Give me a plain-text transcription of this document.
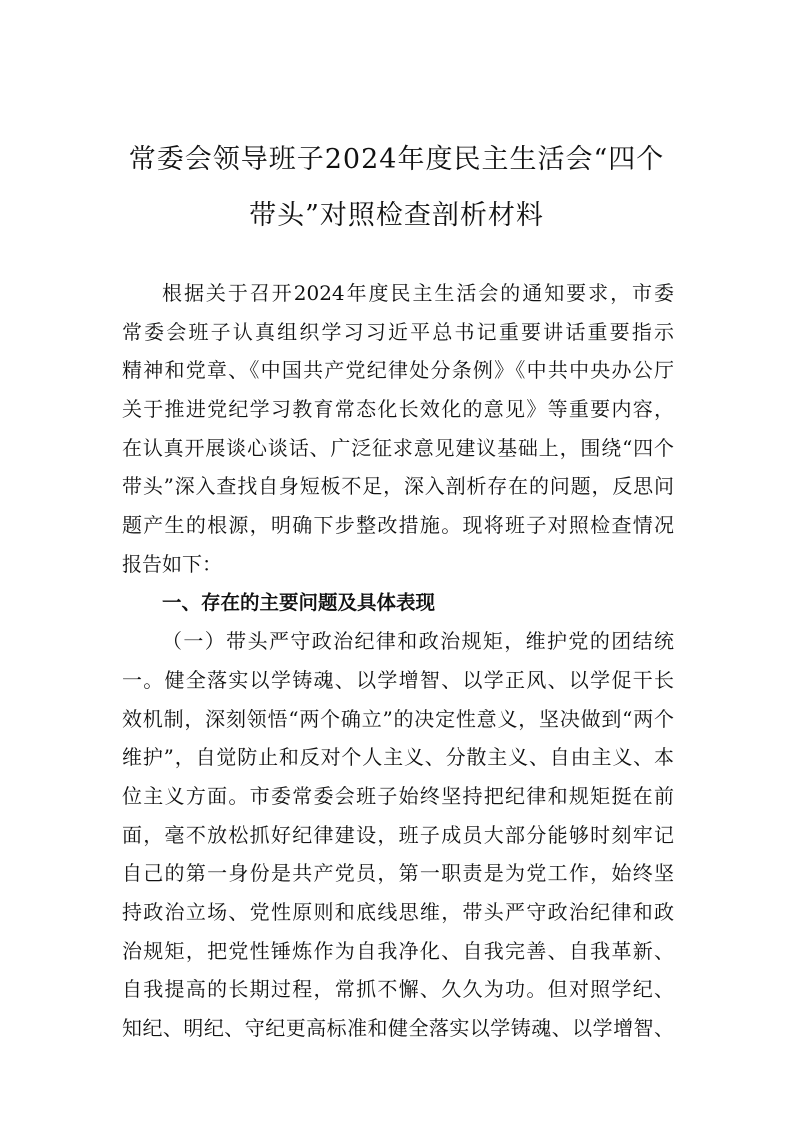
常委会领导班子2024年度民主生活会“四个
带头”对照检查剖析材料
根据关于召开2024年度民主生活会的通知要求，市委
常委会班子认真组织学习习近平总书记重要讲话重要指示
精神和党章、《中国共产党纪律处分条例》《中共中央办公厅
关于推进党纪学习教育常态化长效化的意见》等重要内容，
在认真开展谈心谈话、广泛征求意见建议基础上，围绕“四个
带头”深入查找自身短板不足，深入剖析存在的问题，反思问
题产生的根源，明确下步整改措施。现将班子对照检查情况
报告如下：
一、存在的主要问题及具体表现
（一）带头严守政治纪律和政治规矩，维护党的团结统
一。健全落实以学铸魂、以学增智、以学正风、以学促干长
效机制，深刻领悟“两个确立”的决定性意义，坚决做到“两个
维护”，自觉防止和反对个人主义、分散主义、自由主义、本
位主义方面。市委常委会班子始终坚持把纪律和规矩挺在前
面，毫不放松抓好纪律建设，班子成员大部分能够时刻牢记
自己的第一身份是共产党员，第一职责是为党工作，始终坚
持政治立场、党性原则和底线思维，带头严守政治纪律和政
治规矩，把党性锤炼作为自我净化、自我完善、自我革新、
自我提高的长期过程，常抓不懈、久久为功。但对照学纪、
知纪、明纪、守纪更高标准和健全落实以学铸魂、以学增智、
